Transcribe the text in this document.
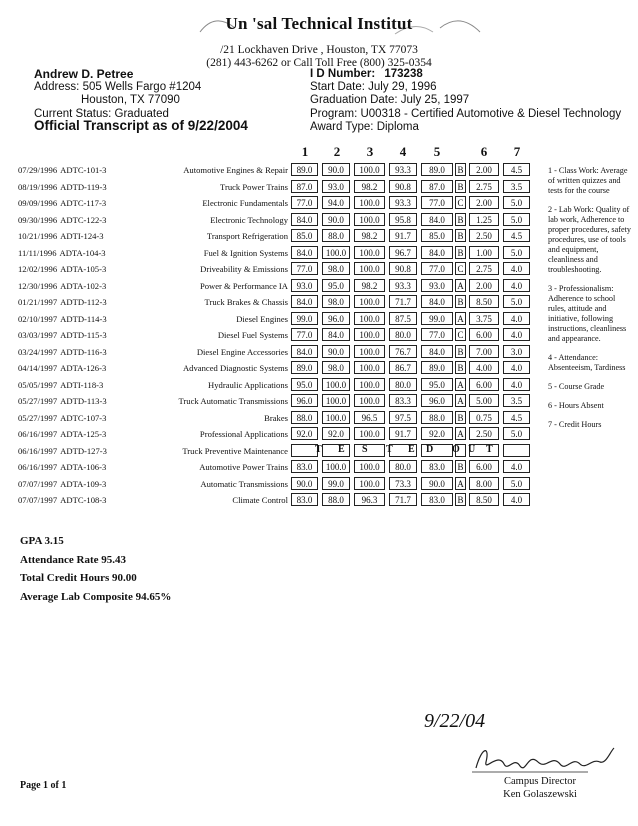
Un 'sal Technical Institut
/21 Lockhaven Drive , Houston, TX 77073
(281) 443-6262 or Call Toll Free (800) 325-0354
Andrew D. Petree
Address: 505 Wells Fargo #1204
Houston, TX 77090
Current Status: Graduated
Official Transcript as of 9/22/2004
I D Number: 173238
Start Date: July 29, 1996
Graduation Date: July 25, 1997
Program: U00318 - Certified Automotive & Diesel Technology
Award Type: Diploma
1	2	3	4	5	6	7
07/29/1996 ADTC-101-3	Automotive Engines & Repair 89.0	90.0	100.0	93.3	89.0	B	2.00	4.5
08/19/1996 ADTD-119-3	Truck Power Trains 87.0	93.0	98.2	90.8	87.0	B	2.75	3.5
09/09/1996 ADTC-117-3	Electronic Fundamentals 77.0	94.0	100.0	93.3	77.0	C	2.00	5.0
09/30/1996 ADTC-122-3	Electronic Technology 84.0	90.0	100.0	95.8	84.0	B	1.25	5.0
10/21/1996 ADTI-124-3	Transport Refrigeration 85.0	88.0	98.2	91.7	85.0	B	2.50	4.5
11/11/1996 ADTA-104-3	Fuel & Ignition Systems 84.0	100.0	100.0	96.7	84.0	B	1.00	5.0
12/02/1996 ADTA-105-3	Driveability & Emissions 77.0	98.0	100.0	90.8	77.0	C	2.75	4.0
12/30/1996 ADTA-102-3	Power & Performance IA 93.0	95.0	98.2	93.3	93.0	A	2.00	4.0
01/21/1997 ADTD-112-3	Truck Brakes & Chassis 84.0	98.0	100.0	71.7	84.0	B	8.50	5.0
02/10/1997 ADTD-114-3	Diesel Engines 99.0	96.0	100.0	87.5	99.0	A	3.75	4.0
03/03/1997 ADTD-115-3	Diesel Fuel Systems 77.0	84.0	100.0	80.0	77.0	C	6.00	4.0
03/24/1997 ADTD-116-3	Diesel Engine Accessories 84.0	90.0	100.0	76.7	84.0	B	7.00	3.0
04/14/1997 ADTA-126-3	Advanced Diagnostic Systems 89.0	98.0	100.0	86.7	89.0	B	4.00	4.0
05/05/1997 ADTI-118-3	Hydraulic Applications 95.0	100.0	100.0	80.0	95.0	A	6.00	4.0
05/27/1997 ADTD-113-3	Truck Automatic Transmissions 96.0	100.0	100.0	83.3	96.0	A	5.00	3.5
05/27/1997 ADTC-107-3	Brakes 88.0	100.0	96.5	97.5	88.0	B	0.75	4.5
06/16/1997 ADTA-125-3	Professional Applications 92.0	92.0	100.0	91.7	92.0	A	2.50	5.0
06/16/1997 ADTD-127-3	Truck Preventive Maintenance	T E S T E D O U T
06/16/1997 ADTA-106-3	Automotive Power Trains 83.0	100.0	100.0	80.0	83.0	B	6.00	4.0
07/07/1997 ADTA-109-3	Automatic Transmissions 90.0	99.0	100.0	73.3	90.0	A	8.00	5.0
07/07/1997 ADTC-108-3	Climate Control 83.0	88.0	96.3	71.7	83.0	B	8.50	4.0

1 - Class Work: Average of written quizzes and tests for the course

2 - Lab Work: Quality of lab work, Adherence to proper procedures, safety procedures, use of tools and equipment, cleanliness and troubleshooting.

3 - Professionalism: Adherence to school rules, attitude and initiative, following instructions, cleanliness and appearance.

4 - Attendance: Absenteeism, Tardiness

5 - Course Grade

6 - Hours Absent

7 - Credit Hours

GPA 3.15
Attendance Rate 95.43
Total Credit Hours 90.00
Average Lab Composite 94.65%
9/22/04
Campus Director
Ken Golaszewski
Page 1 of 1
